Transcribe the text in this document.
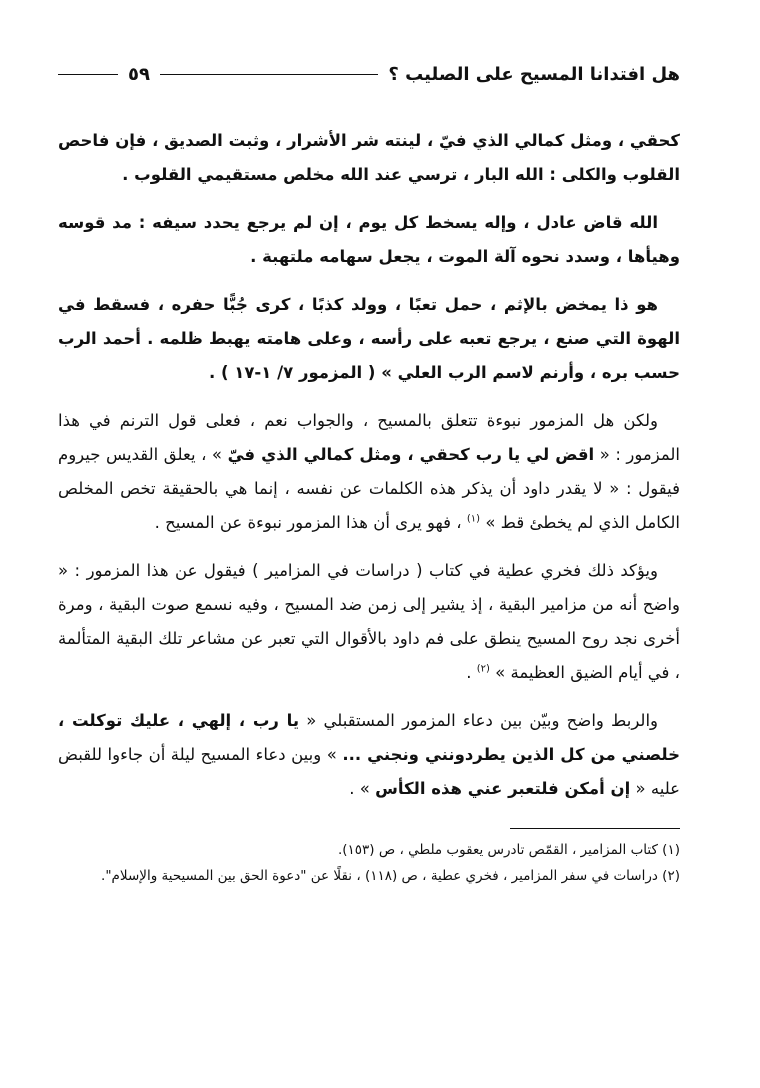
هل افتدانا المسيح على الصليب ؟
٥٩

كحقي ، ومثل كمالي الذي فيّ ، لينته شر الأشرار ، وثبت الصديق ، فإن فاحص القلوب والكلى : الله البار ، ترسي عند الله مخلص مستقيمي القلوب .

الله قاض عادل ، وإله يسخط كل يوم ، إن لم يرجع يحدد سيفه : مد قوسه وهيأها ، وسدد نحوه آلة الموت ، يجعل سهامه ملتهبة .

هو ذا يمخض بالإثم ، حمل تعبًا ، وولد كذبًا ، كرى جُبًّا حفره ، فسقط في الهوة التي صنع ، يرجع تعبه على رأسه ، وعلى هامته يهبط ظلمه . أحمد الرب حسب بره ، وأرنم لاسم الرب العلي » ( المزمور ٧/ ١-١٧ ) .

ولكن هل المزمور نبوءة تتعلق بالمسيح ، والجواب نعم ، فعلى قول الترنم في هذا المزمور : « اقض لي يا رب كحقي ، ومثل كمالي الذي فيّ » ، يعلق القديس جيروم فيقول : « لا يقدر داود أن يذكر هذه الكلمات عن نفسه ، إنما هي بالحقيقة تخص المخلص الكامل الذي لم يخطئ قط » $^{(١)}$ ، فهو يرى أن هذا المزمور نبوءة عن المسيح .

ويؤكد ذلك فخري عطية في كتاب ( دراسات في المزامير ) فيقول عن هذا المزمور : « واضح أنه من مزامير البقية ، إذ يشير إلى زمن ضد المسيح ، وفيه نسمع صوت البقية ، ومرة أخرى نجد روح المسيح ينطق على فم داود بالأقوال التي تعبر عن مشاعر تلك البقية المتألمة ، في أيام الضيق العظيمة » $^{(٢)}$ .

والربط واضح وبيّن بين دعاء المزمور المستقبلي « يا رب ، إلهي ، عليك توكلت ، خلصني من كل الذين يطردونني ونجني ... » وبين دعاء المسيح ليلة أن جاءوا للقبض عليه « إن أمكن فلتعبر عني هذه الكأس » .

(١) كتاب المزامير ، القمّص تادرس يعقوب ملطي ، ص (١٥٣).

(٢) دراسات في سفر المزامير ، فخري عطية ، ص (١١٨) ، نقلًا عن "دعوة الحق بين المسيحية والإسلام".
